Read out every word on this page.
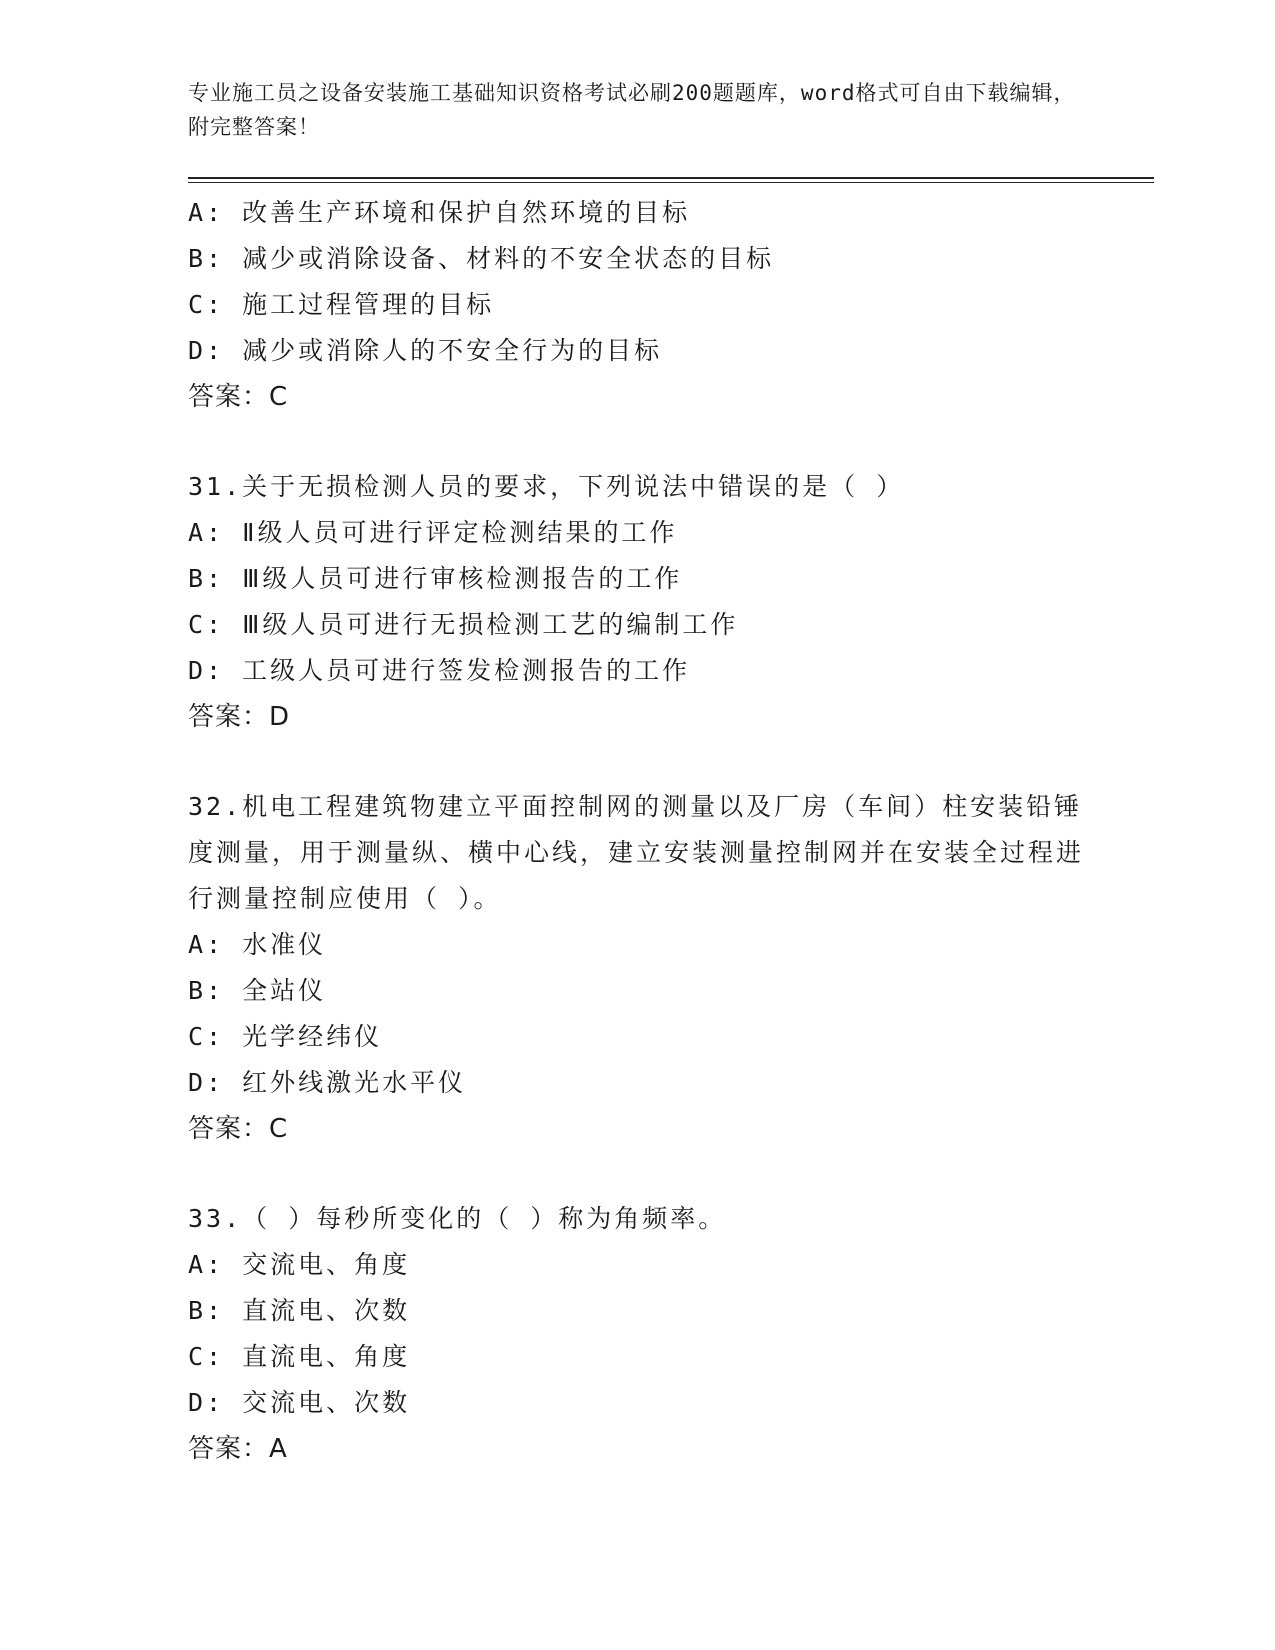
专业施工员之设备安装施工基础知识资格考试必刷200题题库，word格式可自由下载编辑，附完整答案！
A: 改善生产环境和保护自然环境的目标
B: 减少或消除设备、材料的不安全状态的目标
C: 施工过程管理的目标
D: 减少或消除人的不安全行为的目标
答案：C
31.关于无损检测人员的要求，下列说法中错误的是（ ）
A: Ⅱ级人员可进行评定检测结果的工作
B: Ⅲ级人员可进行审核检测报告的工作
C: Ⅲ级人员可进行无损检测工艺的编制工作
D: 工级人员可进行签发检测报告的工作
答案：D
32.机电工程建筑物建立平面控制网的测量以及厂房（车间）柱安装铅锤度测量，用于测量纵、横中心线，建立安装测量控制网并在安装全过程进行测量控制应使用（ ）。
A: 水准仪
B: 全站仪
C: 光学经纬仪
D: 红外线激光水平仪
答案：C
33.（ ）每秒所变化的（ ）称为角频率。
A: 交流电、角度
B: 直流电、次数
C: 直流电、角度
D: 交流电、次数
答案：A
